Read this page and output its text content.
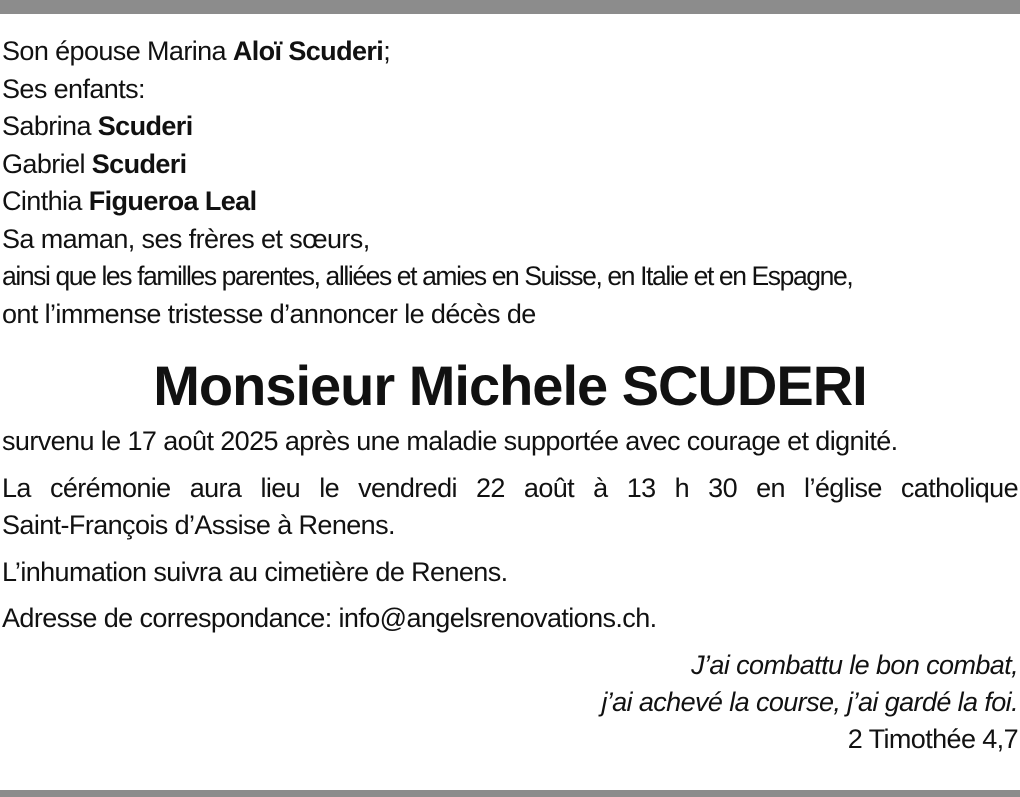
Son épouse Marina Aloï Scuderi;
Ses enfants:
Sabrina Scuderi
Gabriel Scuderi
Cinthia Figueroa Leal
Sa maman, ses frères et sœurs,
ainsi que les familles parentes, alliées et amies en Suisse, en Italie et en Espagne,
ont l’immense tristesse d’annoncer le décès de
Monsieur Michele SCUDERI
survenu le 17 août 2025 après une maladie supportée avec courage et dignité.
La cérémonie aura lieu le vendredi 22 août à 13 h 30 en l’église catholique
Saint-François d’Assise à Renens.
L’inhumation suivra au cimetière de Renens.
Adresse de correspondance: info@angelsrenovations.ch.
J’ai combattu le bon combat,
j’ai achevé la course, j’ai gardé la foi.
2 Timothée 4,7
